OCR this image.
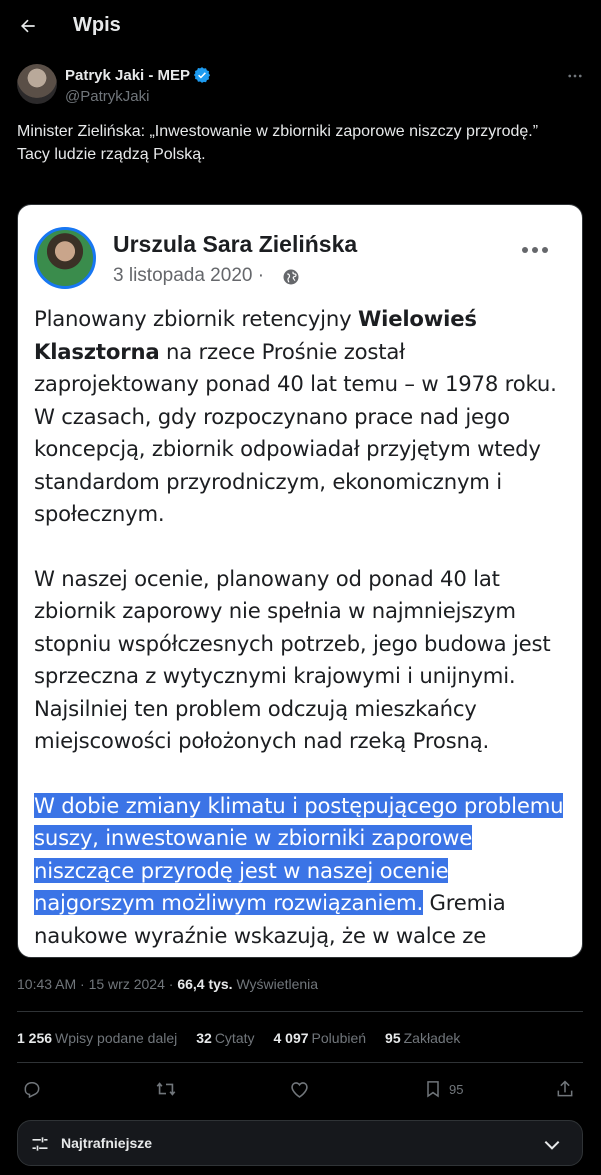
Wpis
Patryk Jaki - MEP
@PatrykJaki
Minister Zielińska: „Inwestowanie w zbiorniki zaporowe niszczy przyrodę.”
Tacy ludzie rządzą Polską.
Urszula Sara Zielińska
3 listopada 2020 ·
Planowany zbiornik retencyjny Wielowieś Klasztorna na rzece Prośnie został zaprojektowany ponad 40 lat temu – w 1978 roku. W czasach, gdy rozpoczynano prace nad jego koncepcją, zbiornik odpowiadał przyjętym wtedy standardom przyrodniczym, ekonomicznym i społecznym.
W naszej ocenie, planowany od ponad 40 lat zbiornik zaporowy nie spełnia w najmniejszym stopniu współczesnych potrzeb, jego budowa jest sprzeczna z wytycznymi krajowymi i unijnymi. Najsilniej ten problem odczują mieszkańcy miejscowości położonych nad rzeką Prosną.
W dobie zmiany klimatu i postępującego problemu suszy, inwestowanie w zbiorniki zaporowe niszczące przyrodę jest w naszej ocenie najgorszym możliwym rozwiązaniem. Gremia naukowe wyraźnie wskazują, że w walce ze
10:43 AM · 15 wrz 2024 · 66,4 tys. Wyświetlenia
1 256 Wpisy podane dalej 32 Cytaty 4 097 Polubień 95 Zakładek
95
Najtrafniejsze
